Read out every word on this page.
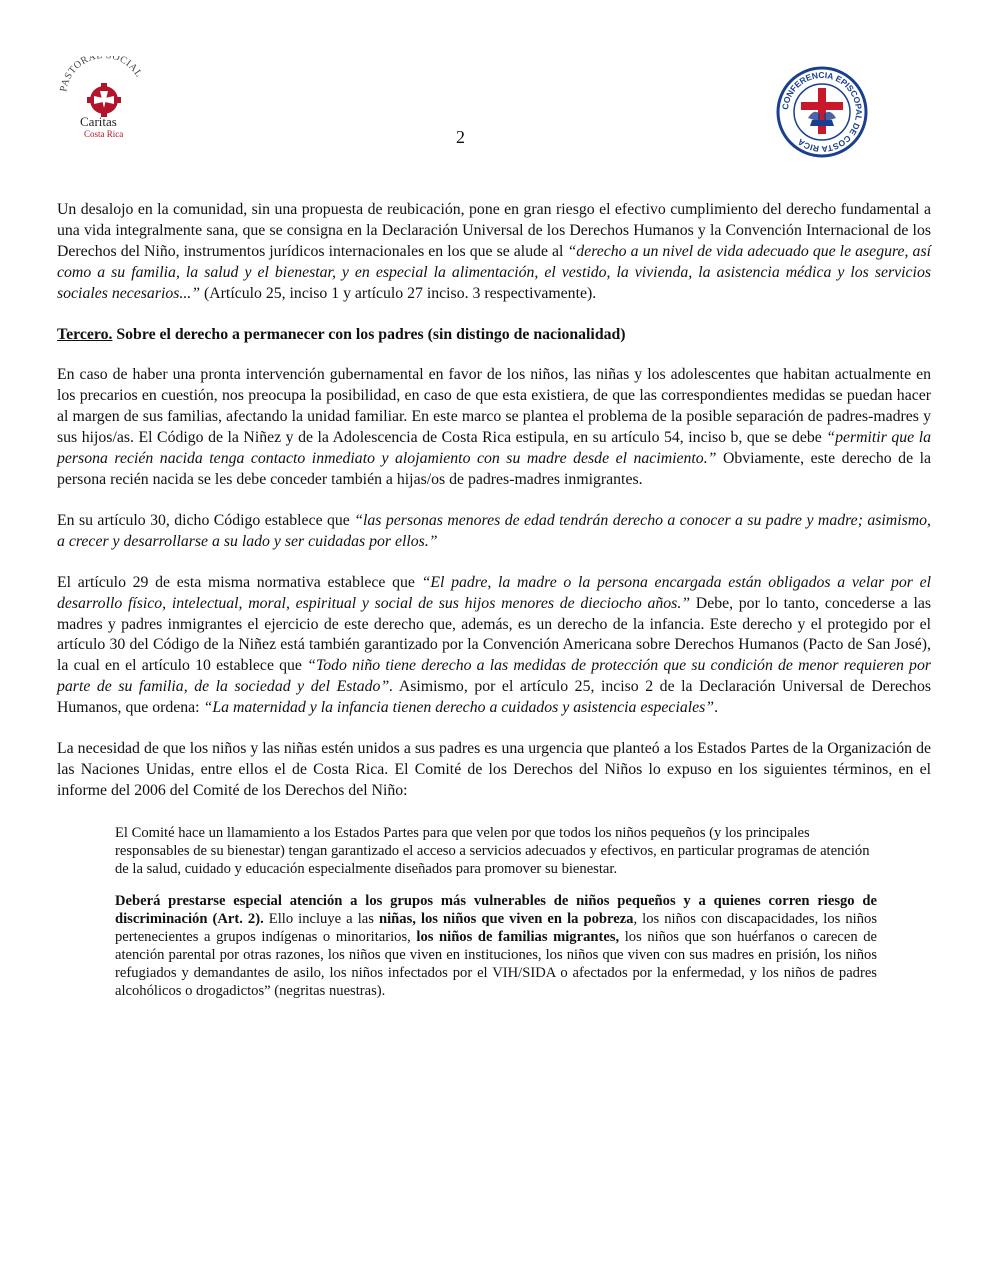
PASTORA OCIAL
Caritas
Costa Rica
CONFERENCIA EPISCOPAL DE COSTA RICA
2

Un desalojo en la comunidad, sin una propuesta de reubicación, pone en gran riesgo el efectivo cumplimiento del derecho fundamental a una vida integralmente sana, que se consigna en la Declaración Universal de los Derechos Humanos y la Convención Internacional de los Derechos del Niño, instrumentos jurídicos internacionales en los que se alude al “derecho a un nivel de vida adecuado que le asegure, así como a su familia, la salud y el bienestar, y en especial la alimentación, el vestido, la vivienda, la asistencia médica y los servicios sociales necesarios...” (Artículo 25, inciso 1 y artículo 27 inciso. 3 respectivamente).

Tercero. Sobre el derecho a permanecer con los padres (sin distingo de nacionalidad)

En caso de haber una pronta intervención gubernamental en favor de los niños, las niñas y los adolescentes que habitan actualmente en los precarios en cuestión, nos preocupa la posibilidad, en caso de que esta existiera, de que las correspondientes medidas se puedan hacer al margen de sus familias, afectando la unidad familiar. En este marco se plantea el problema de la posible separación de padres-madres y sus hijos/as. El Código de la Niñez y de la Adolescencia de Costa Rica estipula, en su artículo 54, inciso b, que se debe “permitir que la persona recién nacida tenga contacto inmediato y alojamiento con su madre desde el nacimiento.” Obviamente, este derecho de la persona recién nacida se les debe conceder también a hijas/os de padres-madres inmigrantes.

En su artículo 30, dicho Código establece que “las personas menores de edad tendrán derecho a conocer a su padre y madre; asimismo, a crecer y desarrollarse a su lado y ser cuidadas por ellos.”

El artículo 29 de esta misma normativa establece que “El padre, la madre o la persona encargada están obligados a velar por el desarrollo físico, intelectual, moral, espiritual y social de sus hijos menores de dieciocho años.” Debe, por lo tanto, concederse a las madres y padres inmigrantes el ejercicio de este derecho que, además, es un derecho de la infancia. Este derecho y el protegido por el artículo 30 del Código de la Niñez está también garantizado por la Convención Americana sobre Derechos Humanos (Pacto de San José), la cual en el artículo 10 establece que “Todo niño tiene derecho a las medidas de protección que su condición de menor requieren por parte de su familia, de la sociedad y del Estado”. Asimismo, por el artículo 25, inciso 2 de la Declaración Universal de Derechos Humanos, que ordena: “La maternidad y la infancia tienen derecho a cuidados y asistencia especiales”.

La necesidad de que los niños y las niñas estén unidos a sus padres es una urgencia que planteó a los Estados Partes de la Organización de las Naciones Unidas, entre ellos el de Costa Rica. El Comité de los Derechos del Niños lo expuso en los siguientes términos, en el informe del 2006 del Comité de los Derechos del Niño:

El Comité hace un llamamiento a los Estados Partes para que velen por que todos los niños pequeños (y los principales responsables de su bienestar) tengan garantizado el acceso a servicios adecuados y efectivos, en particular programas de atención de la salud, cuidado y educación especialmente diseñados para promover su bienestar.

Deberá prestarse especial atención a los grupos más vulnerables de niños pequeños y a quienes corren riesgo de discriminación (Art. 2). Ello incluye a las niñas, los niños que viven en la pobreza, los niños con discapacidades, los niños pertenecientes a grupos indígenas o minoritarios, los niños de familias migrantes, los niños que son huérfanos o carecen de atención parental por otras razones, los niños que viven en instituciones, los niños que viven con sus madres en prisión, los niños refugiados y demandantes de asilo, los niños infectados por el VIH/SIDA o afectados por la enfermedad, y los niños de padres alcohólicos o drogadictos” (negritas nuestras).
